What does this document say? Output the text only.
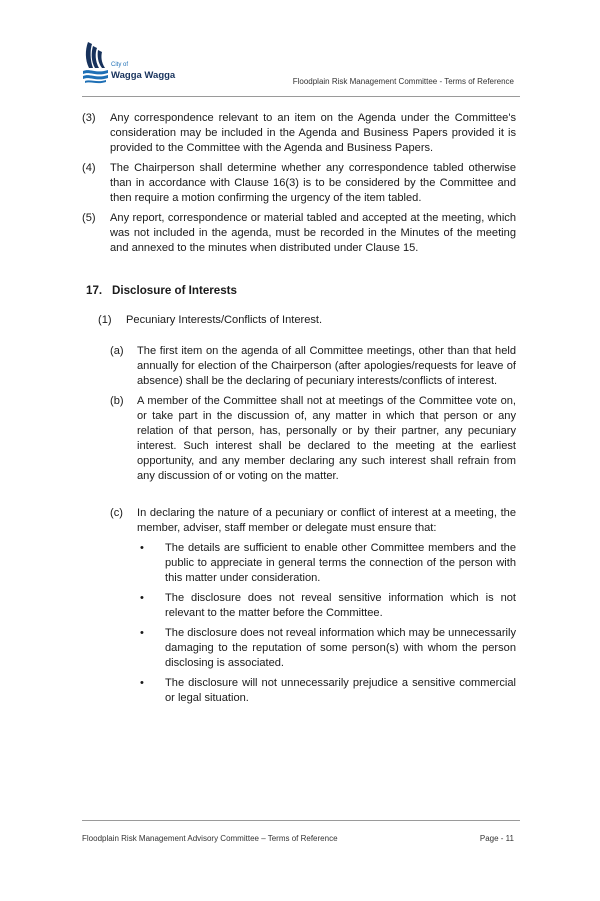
City of
Wagga Wagga
Floodplain Risk Management Committee - Terms of Reference
(3) Any correspondence relevant to an item on the Agenda under the Committee's consideration may be included in the Agenda and Business Papers provided it is provided to the Committee with the Agenda and Business Papers.

(4) The Chairperson shall determine whether any correspondence tabled otherwise than in accordance with Clause 16(3) is to be considered by the Committee and then require a motion confirming the urgency of the item tabled.

(5) Any report, correspondence or material tabled and accepted at the meeting, which was not included in the agenda, must be recorded in the Minutes of the meeting and annexed to the minutes when distributed under Clause 15.

17. Disclosure of Interests
(1) Pecuniary Interests/Conflicts of Interest.
(a) The first item on the agenda of all Committee meetings, other than that held annually for election of the Chairperson (after apologies/requests for leave of absence) shall be the declaring of pecuniary interests/conflicts of interest.

(b) A member of the Committee shall not at meetings of the Committee vote on, or take part in the discussion of, any matter in which that person or any relation of that person, has, personally or by their partner, any pecuniary interest. Such interest shall be declared to the meeting at the earliest opportunity, and any member declaring any such interest shall refrain from any discussion of or voting on the matter.

(c) In declaring the nature of a pecuniary or conflict of interest at a meeting, the member, adviser, staff member or delegate must ensure that:

• The details are sufficient to enable other Committee members and the public to appreciate in general terms the connection of the person with this matter under consideration.
• The disclosure does not reveal sensitive information which is not relevant to the matter before the Committee.
• The disclosure does not reveal information which may be unnecessarily damaging to the reputation of some person(s) with whom the person disclosing is associated.
• The disclosure will not unnecessarily prejudice a sensitive commercial or legal situation.
Floodplain Risk Management Advisory Committee – Terms of Reference	Page - 11
